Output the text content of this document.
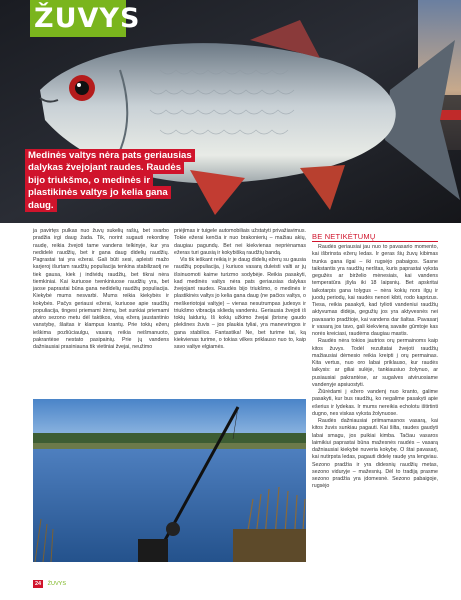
ŽUVYS
Medinės valtys nėra pats geriausias dalykas žvejojant raudes. Raudės bijo triukšmo, o medinės ir plastikinės valtys jo kelia gana daug.

ja pavirtęs pulkas nuo žuvų sukelių rašių, bet svarbo pradžia irgi daug žada. Tik, norint sugauti rekordinę raudę, reikia žvejoti tame vandens telkinyje, kur yra nedidelė raudžių, bet ir gana daug didelių raudžių. Pagrastai tai yra ežerai. Gali būti sesi, apleisti mažo karjeroj išurtam raudžių populiacija tenkina stabilizaotį ne tiek gausa, kiek į individų raudžių, bet tikrai nėra tiemkiniai. Kai kuriuose tvenkiniuose raudžių yra, bet jaose paprastai būna gana nedidelių raudžių populiacija. Kiekybė mums nesvarbi. Mums reikia kiekybės ir kokybės. Pačys geriausi ežerai, kuriuose apie raudžių populiacija, tingesi priemami žėmų, bet sunkiai priemami atviro sezono metu dėl taktikos, visą ežerą jaustantinio vanstybę, šlaitas ir klampus krantų. Prie tokių ežerų ieškima pozliūciaulgu, vasarą reikia neišmanuoto, pakrantėse nestato pasipainių. Prie jų vandens dažniausiai prasiniauna tik vietiniai žvejai, neužimo

priėjimas ir tuigele automobiliais užstatyti privažiavimus. Tokie ežerai kenčia ir nuo brakonierių – mažiau akių, daugiau pagundų. Bet nei kiekvienas nepriėnamas ežeras turi gausią ir kokybišką raudžių bandą.

Vis tik ieškant reikią ir je daug didelių ežerų su gausia raudžių populiacija, į kuriuos vasarą duleisti valti ar jų išsinuomoti kaime turizmo sodybėje. Reikia pasakyti, kad medinės valtys nėra pats geriausias dalykas žvejojant raudes. Raudės bijo triukšmo, o medinės ir plastikinės valtys jo kelia gana daug (ne pačios valtys, o meškeriotojai valtyje) – vienas nesutrumpas judesys ir triukšmo vibracija skliedą vandeniu. Geriausia žvejoti iš tokių laidurių. Iš kokių užkimo žvejai įbrisnę gaudo plekšnes žuvis – jos plaukia tyliai, yra manevringos ir gana stabilios. Fantastika! Ne, bet turime tai, ką kiekvienas turime, o tokias vilkes priklauso nuo to, kaip savo valtye elgiamės.

BE NETIKĖTUMŲ

Raudės geriausiai jau nuo to pavasario momento, kai išbrinsta ežerų ledas. Ir geras šių žuvų kibimas trunka gana ilgai – iki rugsėjo pabaigos. Sasne taikstantis yra raudžių nerštas, kuris paprastai vyksta gegužės ar birželio mėnesiais, kai vandens temperatūra įšyla iki 18 laipsnių. Bet apskritai laikotarpis gana tolygus – nėra kokių nors ilgų ir juodų periodų, kai raudės nenori kibti, rodo kaprizus. Tiesa, reikia pasakyti, kad tylioti vandeniui raudžių aktyvumas didėja, gegužių jos yra aktyvesnės nei pavasario pradžioje, kai vandens dar šaltas. Pavasarį ir vasarą jos tavo, gali kiekvieną savaite gūmtoje kas norės kreiciasi, raudėms daugiau mastis.

Raudės nėra tokios jautrios orų permainoms kaip kitos žuvys. Todėl rezultatai žvejoti raudžių mažiausiai dėmesio reikia kreipti į orų permainas. Kita vertus, nuo oro labai priklauso, kur raudės laikysis: ar giliai sulėje, tankiausiuo žolynuo, ar pusiausiai pakrantėse, ar sugalves atviruosiame vandenyje apsiuostyti.

Žiūrėdami į ežero vandenį nuo kranto, galime pasakyti, kur bus raudžių, ko negalime pasakyti apie ešerius ir lydekas. Ir mums nereikia echolotu ištirtinti dugno, nes viskas vyksta žolynuose.

Raudės dažniausiai priimamasnos vasarą, kai kitos žuvis sunkiau pagauti. Kai šilta, raudes gaudyti labai smagu, jos puikiai kimba. Tačiau vasaros laimikiui paprastai būna mažesnės raudės – vasarą dažniausiai kiekybė nuveria kokybę. O štai pavasarį, kai nutirpsta ledas, pagauti didelę raudę yra lengviau. Sezono pradžia ir yra didesnių raudžių metas, sezono viduryje – mažesnių. Dėl to tradiją prasme sezono pradžia yra įdomesnė. Sezono pabaigoje, rugsėjo

24 ŽUVYS
